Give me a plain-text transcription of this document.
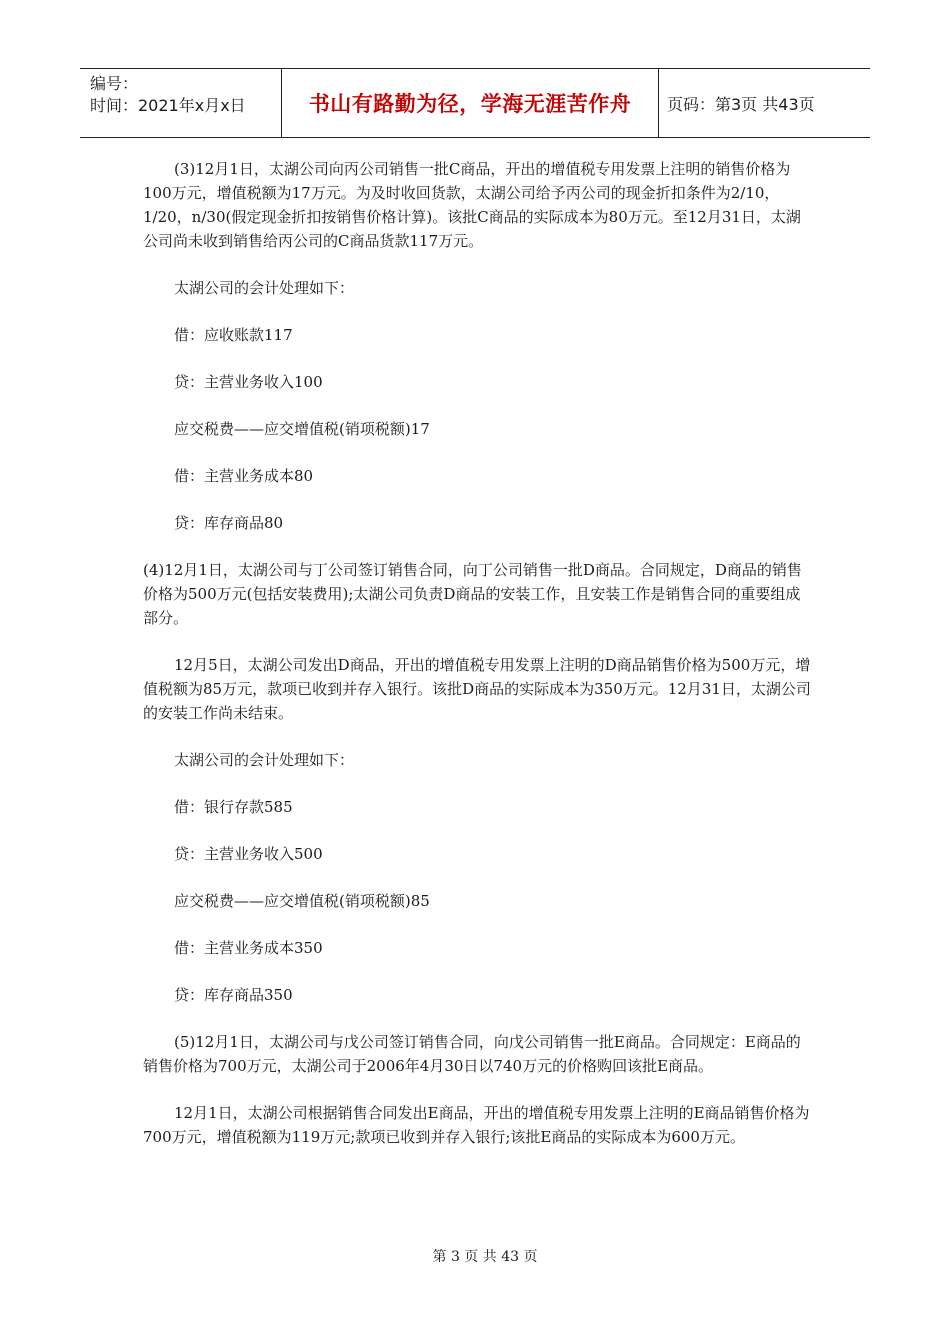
编号：
时间：2021年x月x日	书山有路勤为径，学海无涯苦作舟	页码：第3页 共43页

(3)12月1日，太湖公司向丙公司销售一批C商品，开出的增值税专用发票上注明的销售价格为100万元，增值税额为17万元。为及时收回货款，太湖公司给予丙公司的现金折扣条件为2/10，1/20，n/30(假定现金折扣按销售价格计算)。该批C商品的实际成本为80万元。至12月31日，太湖公司尚未收到销售给丙公司的C商品货款117万元。

太湖公司的会计处理如下：

借：应收账款117

贷：主营业务收入100

应交税费——应交增值税(销项税额)17

借：主营业务成本80

贷：库存商品80

(4)12月1日，太湖公司与丁公司签订销售合同，向丁公司销售一批D商品。合同规定，D商品的销售价格为500万元(包括安装费用);太湖公司负责D商品的安装工作，且安装工作是销售合同的重要组成部分。

12月5日，太湖公司发出D商品，开出的增值税专用发票上注明的D商品销售价格为500万元，增值税额为85万元，款项已收到并存入银行。该批D商品的实际成本为350万元。12月31日，太湖公司的安装工作尚未结束。

太湖公司的会计处理如下：

借：银行存款585

贷：主营业务收入500

应交税费——应交增值税(销项税额)85

借：主营业务成本350

贷：库存商品350

(5)12月1日，太湖公司与戊公司签订销售合同，向戊公司销售一批E商品。合同规定：E商品的销售价格为700万元，太湖公司于2006年4月30日以740万元的价格购回该批E商品。

12月1日，太湖公司根据销售合同发出E商品，开出的增值税专用发票上注明的E商品销售价格为700万元，增值税额为119万元;款项已收到并存入银行;该批E商品的实际成本为600万元。

第 3 页 共 43 页
